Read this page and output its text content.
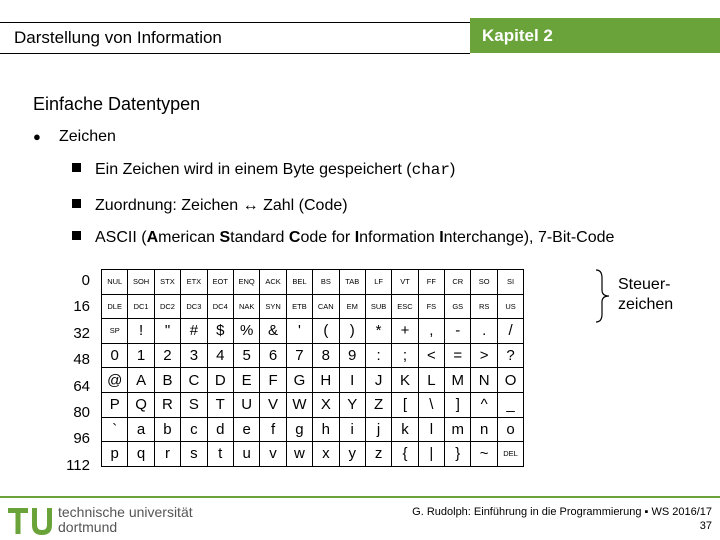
Darstellung von Information	Kapitel 2
Einfache Datentypen
● Zeichen
Ein Zeichen wird in einem Byte gespeichert (char)
Zuordnung: Zeichen ↔ Zahl (Code)
ASCII (American Standard Code for Information Interchange), 7-Bit-Code
0
16
32
48
64
80
96
112
NUL	SOH	STX	ETX	EOT	ENQ	ACK	BEL	BS	TAB	LF	VT	FF	CR	SO	SI
DLE	DC1	DC2	DC3	DC4	NAK	SYN	ETB	CAN	EM	SUB	ESC	FS	GS	RS	US
SP	!	"	#	$	%	&	'	(	)	*	+	,	-	.	/
0	1	2	3	4	5	6	7	8	9	:	;	<	=	>	?
@	A	B	C	D	E	F	G	H	I	J	K	L	M	N	O
P	Q	R	S	T	U	V	W	X	Y	Z	[	\	]	^	_
`	a	b	c	d	e	f	g	h	i	j	k	l	m	n	o
p	q	r	s	t	u	v	w	x	y	z	{	|	}	~	DEL
Steuer-
zeichen
technische universität
dortmund
G. Rudolph: Einführung in die Programmierung ▪ WS 2016/17
37
